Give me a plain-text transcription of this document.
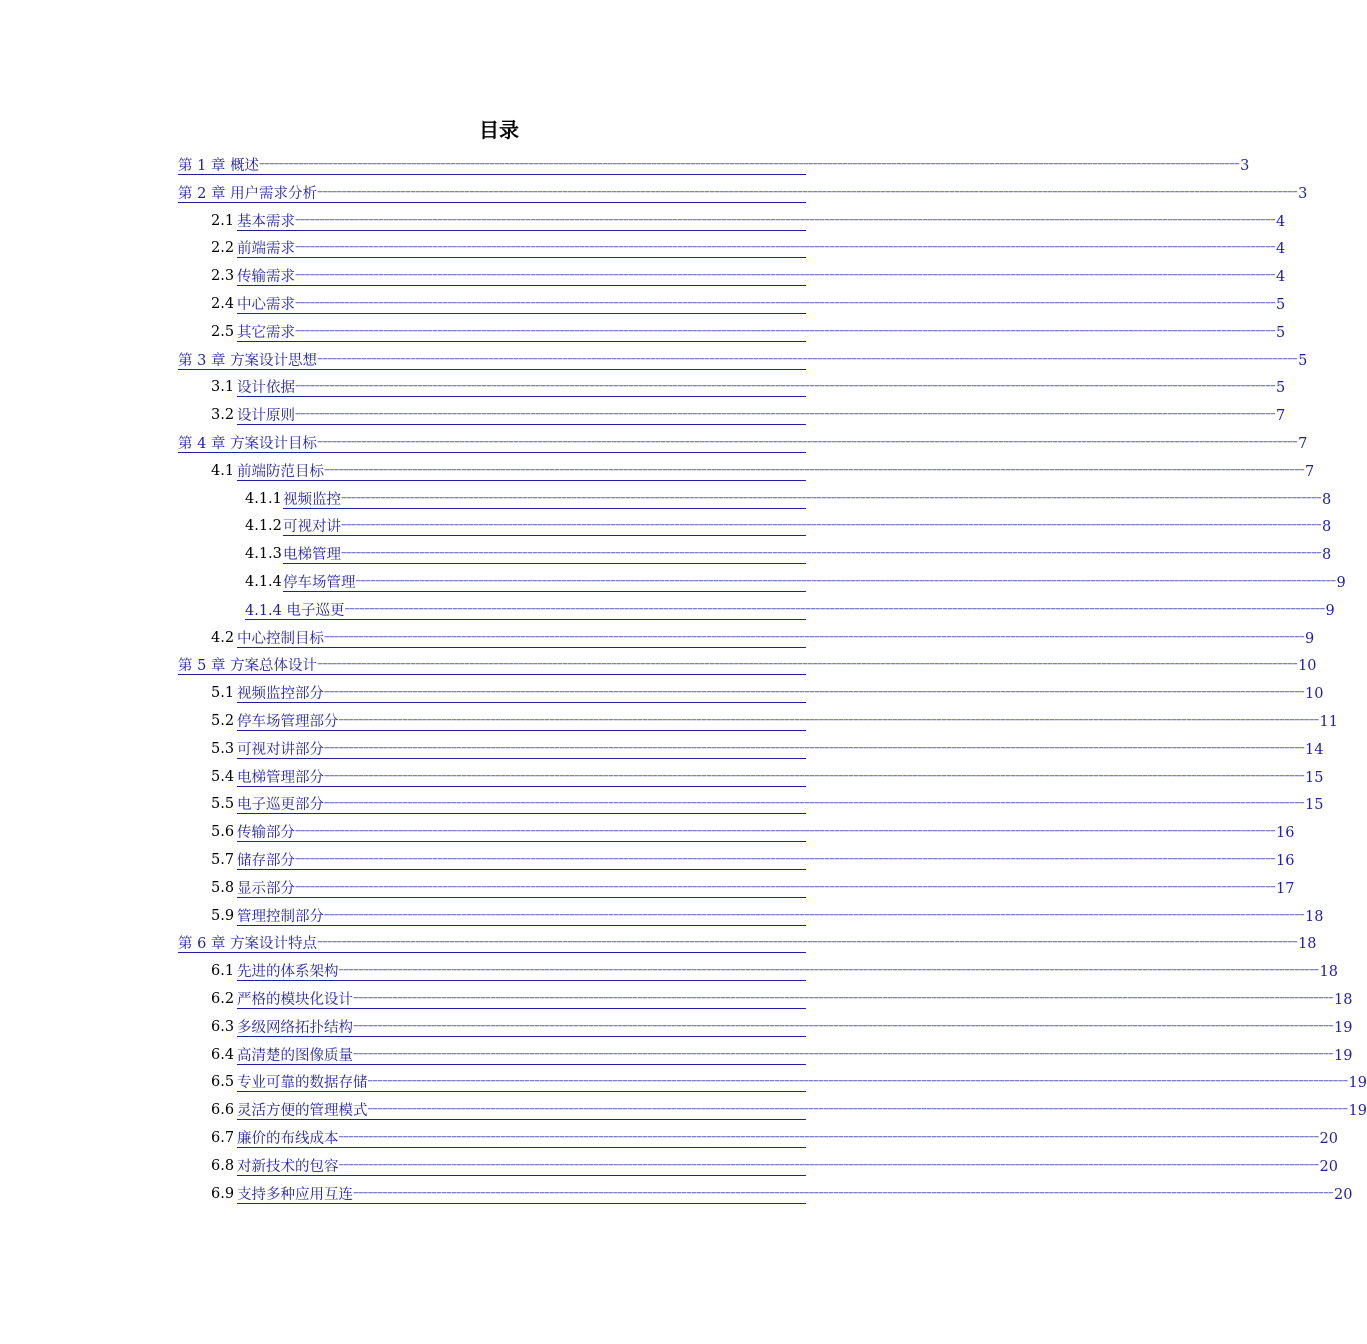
目录
第 1 章 概述 –––––––––––––––––––––––––––––––––––––––––––––––––––––––––––––––––––––––––––––––––––––––––––––––––––––––––––––––––––––––––––––––––––––––––––––––––––––––––––––––––––––––––––––––––––––––––––––––––––––––– 3
第 2 章 用户需求分析 –––––––––––––––––––––––––––––––––––––––––––––––––––––––––––––––––––––––––––––––––––––––––––––––––––––––––––––––––––––––––––––––––––––––––––––––––––––––––––––––––––––––––––––––––––––––––––––––––––––––– 3
2.1
基本需求 –––––––––––––––––––––––––––––––––––––––––––––––––––––––––––––––––––––––––––––––––––––––––––––––––––––––––––––––––––––––––––––––––––––––––––––––––––––––––––––––––––––––––––––––––––––––––––––––––––––––– 4
2.2
前端需求 –––––––––––––––––––––––––––––––––––––––––––––––––––––––––––––––––––––––––––––––––––––––––––––––––––––––––––––––––––––––––––––––––––––––––––––––––––––––––––––––––––––––––––––––––––––––––––––––––––––––– 4
2.3
传输需求 –––––––––––––––––––––––––––––––––––––––––––––––––––––––––––––––––––––––––––––––––––––––––––––––––––––––––––––––––––––––––––––––––––––––––––––––––––––––––––––––––––––––––––––––––––––––––––––––––––––––– 4
2.4
中心需求 –––––––––––––––––––––––––––––––––––––––––––––––––––––––––––––––––––––––––––––––––––––––––––––––––––––––––––––––––––––––––––––––––––––––––––––––––––––––––––––––––––––––––––––––––––––––––––––––––––––––– 5
2.5
其它需求 –––––––––––––––––––––––––––––––––––––––––––––––––––––––––––––––––––––––––––––––––––––––––––––––––––––––––––––––––––––––––––––––––––––––––––––––––––––––––––––––––––––––––––––––––––––––––––––––––––––––– 5
第 3 章 方案设计思想 –––––––––––––––––––––––––––––––––––––––––––––––––––––––––––––––––––––––––––––––––––––––––––––––––––––––––––––––––––––––––––––––––––––––––––––––––––––––––––––––––––––––––––––––––––––––––––––––––––––––– 5
3.1
设计依据 –––––––––––––––––––––––––––––––––––––––––––––––––––––––––––––––––––––––––––––––––––––––––––––––––––––––––––––––––––––––––––––––––––––––––––––––––––––––––––––––––––––––––––––––––––––––––––––––––––––––– 5
3.2
设计原则 –––––––––––––––––––––––––––––––––––––––––––––––––––––––––––––––––––––––––––––––––––––––––––––––––––––––––––––––––––––––––––––––––––––––––––––––––––––––––––––––––––––––––––––––––––––––––––––––––––––––– 7
第 4 章 方案设计目标 –––––––––––––––––––––––––––––––––––––––––––––––––––––––––––––––––––––––––––––––––––––––––––––––––––––––––––––––––––––––––––––––––––––––––––––––––––––––––––––––––––––––––––––––––––––––––––––––––––––––– 7
4.1
前端防范目标 –––––––––––––––––––––––––––––––––––––––––––––––––––––––––––––––––––––––––––––––––––––––––––––––––––––––––––––––––––––––––––––––––––––––––––––––––––––––––––––––––––––––––––––––––––––––––––––––––––––––– 7
4.1.1
视频监控 –––––––––––––––––––––––––––––––––––––––––––––––––––––––––––––––––––––––––––––––––––––––––––––––––––––––––––––––––––––––––––––––––––––––––––––––––––––––––––––––––––––––––––––––––––––––––––––––––––––––– 8
4.1.2
可视对讲 –––––––––––––––––––––––––––––––––––––––––––––––––––––––––––––––––––––––––––––––––––––––––––––––––––––––––––––––––––––––––––––––––––––––––––––––––––––––––––––––––––––––––––––––––––––––––––––––––––––––– 8
4.1.3
电梯管理 –––––––––––––––––––––––––––––––––––––––––––––––––––––––––––––––––––––––––––––––––––––––––––––––––––––––––––––––––––––––––––––––––––––––––––––––––––––––––––––––––––––––––––––––––––––––––––––––––––––––– 8
4.1.4
停车场管理 –––––––––––––––––––––––––––––––––––––––––––––––––––––––––––––––––––––––––––––––––––––––––––––––––––––––––––––––––––––––––––––––––––––––––––––––––––––––––––––––––––––––––––––––––––––––––––––––––––––––– 9
4.1.4 电子巡更 –––––––––––––––––––––––––––––––––––––––––––––––––––––––––––––––––––––––––––––––––––––––––––––––––––––––––––––––––––––––––––––––––––––––––––––––––––––––––––––––––––––––––––––––––––––––––––––––––––––––– 9
4.2
中心控制目标 –––––––––––––––––––––––––––––––––––––––––––––––––––––––––––––––––––––––––––––––––––––––––––––––––––––––––––––––––––––––––––––––––––––––––––––––––––––––––––––––––––––––––––––––––––––––––––––––––––––––– 9
第 5 章 方案总体设计 –––––––––––––––––––––––––––––––––––––––––––––––––––––––––––––––––––––––––––––––––––––––––––––––––––––––––––––––––––––––––––––––––––––––––––––––––––––––––––––––––––––––––––––––––––––––––––––––––––––––– 10
5.1
视频监控部分 –––––––––––––––––––––––––––––––––––––––––––––––––––––––––––––––––––––––––––––––––––––––––––––––––––––––––––––––––––––––––––––––––––––––––––––––––––––––––––––––––––––––––––––––––––––––––––––––––––––––– 10
5.2
停车场管理部分 –––––––––––––––––––––––––––––––––––––––––––––––––––––––––––––––––––––––––––––––––––––––––––––––––––––––––––––––––––––––––––––––––––––––––––––––––––––––––––––––––––––––––––––––––––––––––––––––––––––––– 11
5.3
可视对讲部分 –––––––––––––––––––––––––––––––––––––––––––––––––––––––––––––––––––––––––––––––––––––––––––––––––––––––––––––––––––––––––––––––––––––––––––––––––––––––––––––––––––––––––––––––––––––––––––––––––––––––– 14
5.4
电梯管理部分 –––––––––––––––––––––––––––––––––––––––––––––––––––––––––––––––––––––––––––––––––––––––––––––––––––––––––––––––––––––––––––––––––––––––––––––––––––––––––––––––––––––––––––––––––––––––––––––––––––––––– 15
5.5
电子巡更部分 –––––––––––––––––––––––––––––––––––––––––––––––––––––––––––––––––––––––––––––––––––––––––––––––––––––––––––––––––––––––––––––––––––––––––––––––––––––––––––––––––––––––––––––––––––––––––––––––––––––––– 15
5.6
传输部分 –––––––––––––––––––––––––––––––––––––––––––––––––––––––––––––––––––––––––––––––––––––––––––––––––––––––––––––––––––––––––––––––––––––––––––––––––––––––––––––––––––––––––––––––––––––––––––––––––––––––– 16
5.7
储存部分 –––––––––––––––––––––––––––––––––––––––––––––––––––––––––––––––––––––––––––––––––––––––––––––––––––––––––––––––––––––––––––––––––––––––––––––––––––––––––––––––––––––––––––––––––––––––––––––––––––––––– 16
5.8
显示部分 –––––––––––––––––––––––––––––––––––––––––––––––––––––––––––––––––––––––––––––––––––––––––––––––––––––––––––––––––––––––––––––––––––––––––––––––––––––––––––––––––––––––––––––––––––––––––––––––––––––––– 17
5.9
管理控制部分 –––––––––––––––––––––––––––––––––––––––––––––––––––––––––––––––––––––––––––––––––––––––––––––––––––––––––––––––––––––––––––––––––––––––––––––––––––––––––––––––––––––––––––––––––––––––––––––––––––––––– 18
第 6 章 方案设计特点 –––––––––––––––––––––––––––––––––––––––––––––––––––––––––––––––––––––––––––––––––––––––––––––––––––––––––––––––––––––––––––––––––––––––––––––––––––––––––––––––––––––––––––––––––––––––––––––––––––––––– 18
6.1
先进的体系架构 –––––––––––––––––––––––––––––––––––––––––––––––––––––––––––––––––––––––––––––––––––––––––––––––––––––––––––––––––––––––––––––––––––––––––––––––––––––––––––––––––––––––––––––––––––––––––––––––––––––––– 18
6.2
严格的模块化设计 –––––––––––––––––––––––––––––––––––––––––––––––––––––––––––––––––––––––––––––––––––––––––––––––––––––––––––––––––––––––––––––––––––––––––––––––––––––––––––––––––––––––––––––––––––––––––––––––––––––––– 18
6.3
多级网络拓扑结构 –––––––––––––––––––––––––––––––––––––––––––––––––––––––––––––––––––––––––––––––––––––––––––––––––––––––––––––––––––––––––––––––––––––––––––––––––––––––––––––––––––––––––––––––––––––––––––––––––––––––– 19
6.4
高清楚的图像质量 –––––––––––––––––––––––––––––––––––––––––––––––––––––––––––––––––––––––––––––––––––––––––––––––––––––––––––––––––––––––––––––––––––––––––––––––––––––––––––––––––––––––––––––––––––––––––––––––––––––––– 19
6.5
专业可靠的数据存储 –––––––––––––––––––––––––––––––––––––––––––––––––––––––––––––––––––––––––––––––––––––––––––––––––––––––––––––––––––––––––––––––––––––––––––––––––––––––––––––––––––––––––––––––––––––––––––––––––––––––– 19
6.6
灵活方便的管理模式 –––––––––––––––––––––––––––––––––––––––––––––––––––––––––––––––––––––––––––––––––––––––––––––––––––––––––––––––––––––––––––––––––––––––––––––––––––––––––––––––––––––––––––––––––––––––––––––––––––––––– 19
6.7
廉价的布线成本 –––––––––––––––––––––––––––––––––––––––––––––––––––––––––––––––––––––––––––––––––––––––––––––––––––––––––––––––––––––––––––––––––––––––––––––––––––––––––––––––––––––––––––––––––––––––––––––––––––––––– 20
6.8
对新技术的包容 –––––––––––––––––––––––––––––––––––––––––––––––––––––––––––––––––––––––––––––––––––––––––––––––––––––––––––––––––––––––––––––––––––––––––––––––––––––––––––––––––––––––––––––––––––––––––––––––––––––––– 20
6.9
支持多种应用互连 –––––––––––––––––––––––––––––––––––––––––––––––––––––––––––––––––––––––––––––––––––––––––––––––––––––––––––––––––––––––––––––––––––––––––––––––––––––––––––––––––––––––––––––––––––––––––––––––––––––––– 20
